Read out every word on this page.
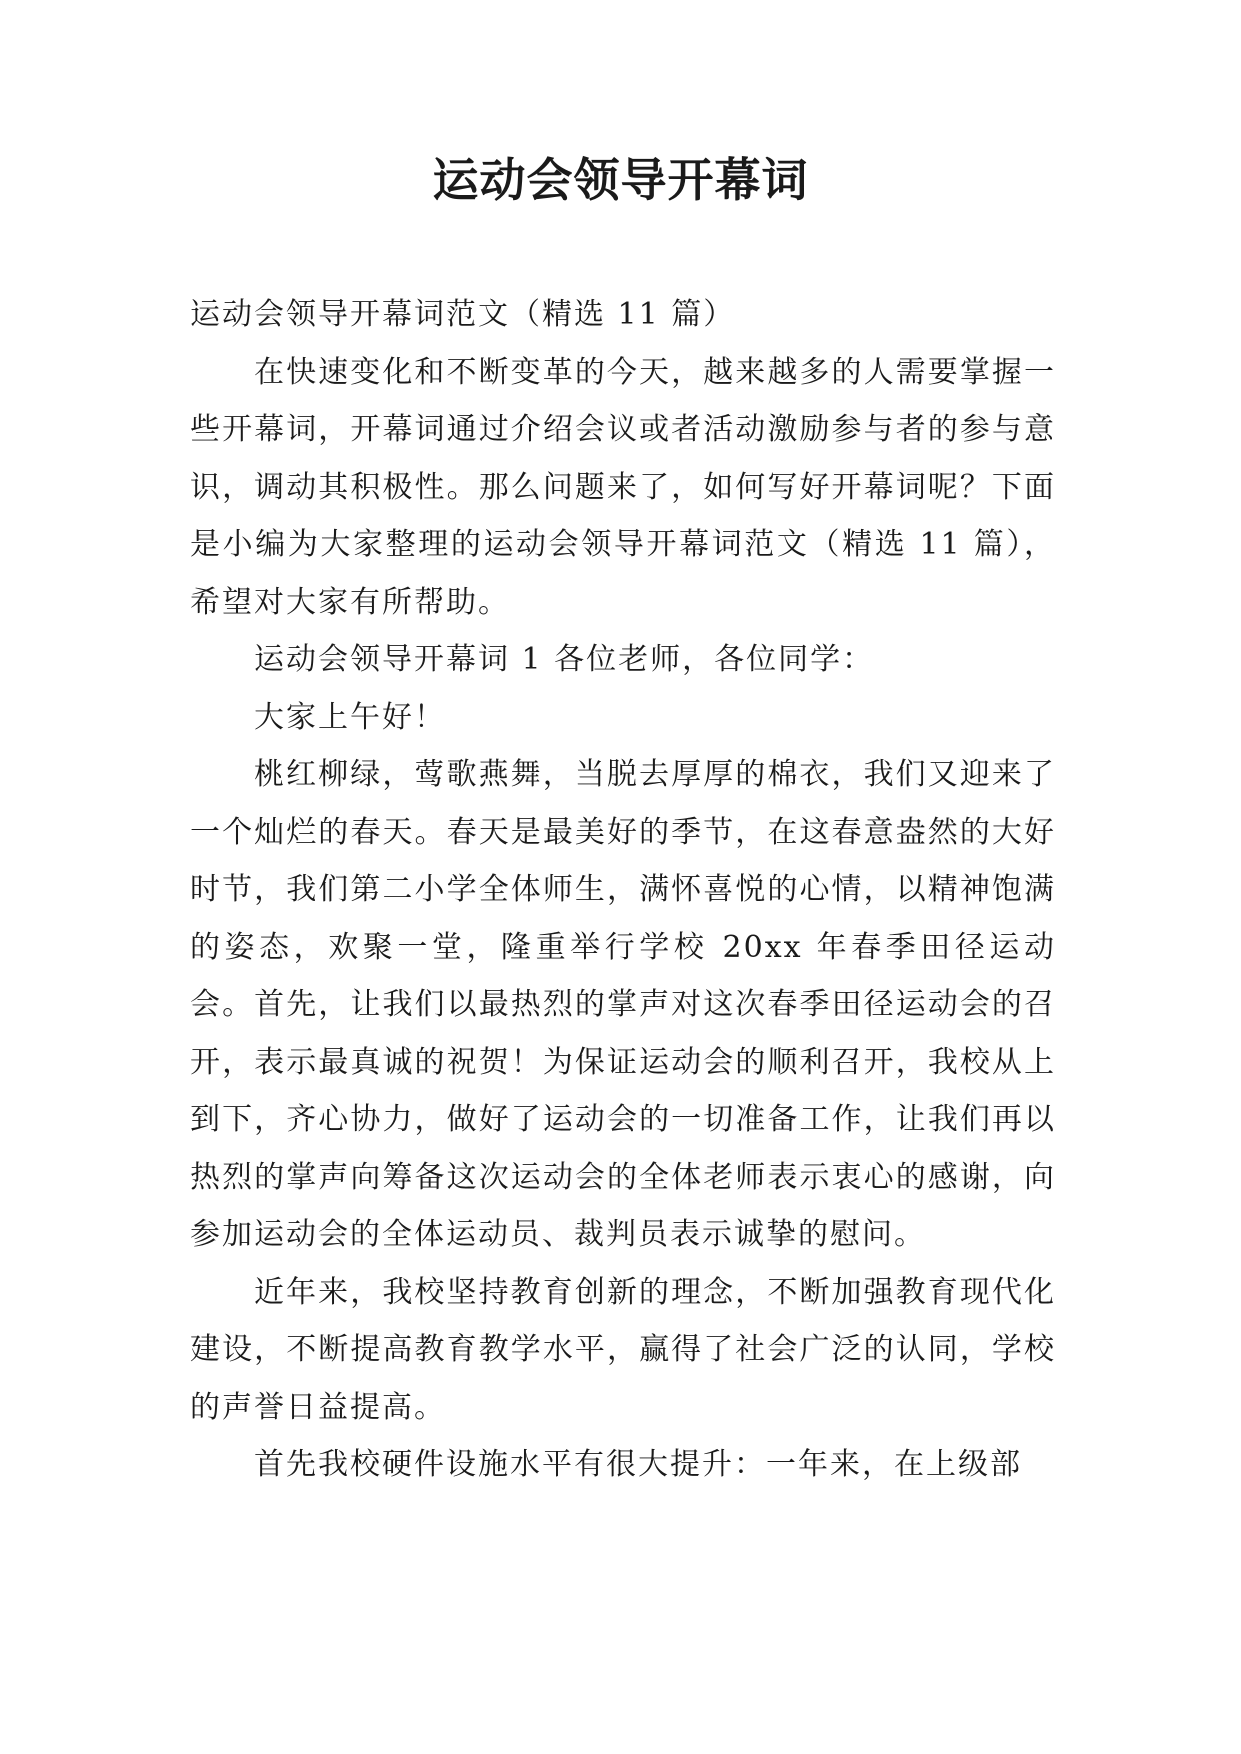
运动会领导开幕词

运动会领导开幕词范文（精选 11 篇）

在快速变化和不断变革的今天，越来越多的人需要掌握一些开幕词，开幕词通过介绍会议或者活动激励参与者的参与意识，调动其积极性。那么问题来了，如何写好开幕词呢？下面是小编为大家整理的运动会领导开幕词范文（精选 11 篇），希望对大家有所帮助。

运动会领导开幕词 1 各位老师，各位同学：

大家上午好！

桃红柳绿，莺歌燕舞，当脱去厚厚的棉衣，我们又迎来了一个灿烂的春天。春天是最美好的季节，在这春意盎然的大好时节，我们第二小学全体师生，满怀喜悦的心情，以精神饱满的姿态，欢聚一堂，隆重举行学校 20xx 年春季田径运动会。首先，让我们以最热烈的掌声对这次春季田径运动会的召开，表示最真诚的祝贺！为保证运动会的顺利召开，我校从上到下，齐心协力，做好了运动会的一切准备工作，让我们再以热烈的掌声向筹备这次运动会的全体老师表示衷心的感谢，向参加运动会的全体运动员、裁判员表示诚挚的慰问。

近年来，我校坚持教育创新的理念，不断加强教育现代化建设，不断提高教育教学水平，赢得了社会广泛的认同，学校的声誉日益提高。

首先我校硬件设施水平有很大提升：一年来，在上级部
